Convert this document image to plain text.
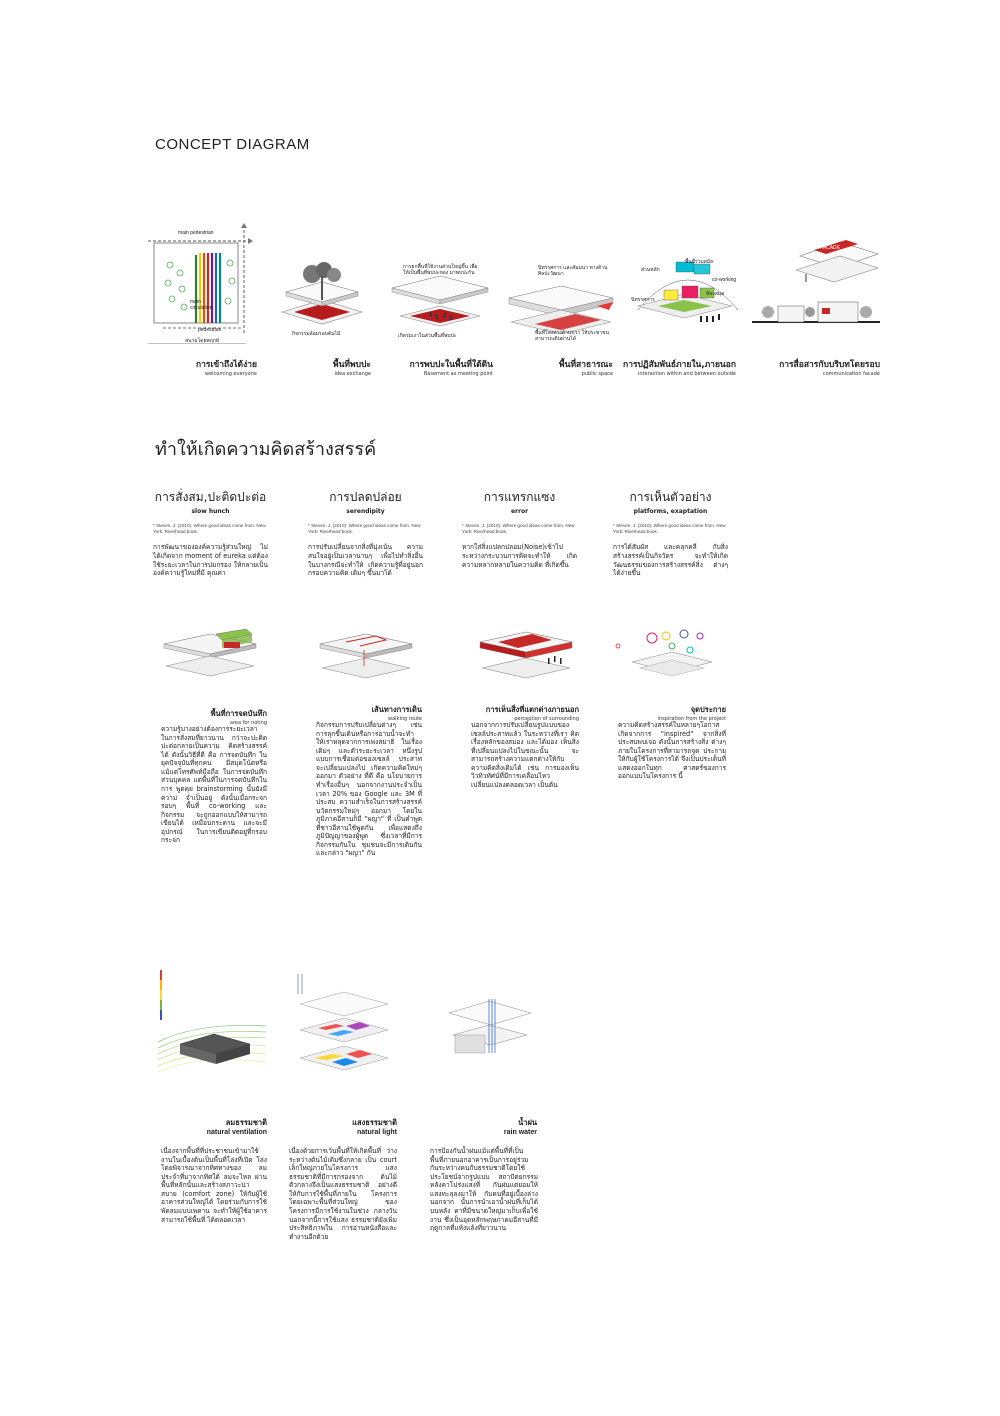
CONCEPT DIAGRAM
main pedestrian
main circulation
pedestrian
สนามโดยพฤกษ์
กิจกรรมล้อมรอบต้นไม้
การยกพื้นที่ใช้งานส่วนใหญ่ขึ้น เพื่อให้เป็นพื้นที่พบปะของ มาพบปะกัน
เกิดร่มเงาในส่วนพื้นที่พบปะ
นิทรรศการ และสัมมนา ทางด้านศิลปะวัฒนา
พื้นที่โล่งทางด้านขวา ให้ประชาชนสามารถเดินผ่านได้
ส่วนหลัก
พื้นที่ร่วมสมัย
co-working
นิทรรศการ
ห้องสมุด
FACADE
การเข้าถึงได้ง่าย
welcoming everyone
พื้นที่พบปะ
idea exchange
การพบปะในพื้นที่ใต้ดิน
Basement as meeting point
พื้นที่สาธารณะ
public space
การปฏิสัมพันธ์ภายใน,ภายนอก
interaction within and between outside
การสื่อสารกับบริบทโดยรอบ
communication facade
ทำให้เกิดความคิดสร้างสรรค์
การสั่งสม,ปะติดปะต่อ
slow hunch
* Steven, J. (2010). Where good ideas come from. New York: Riverhead book.
การพัฒนาขององค์ความรู้ส่วนใหญ่ ไม่ได้เกิดจาก moment of eureka แต่ต้องใช้ระยะเวลาในการบ่มกรอง ให้กลายเป็นองค์ความรู้ใหม่ที่มี คุณค่า
การปลดปล่อย
serendipity
* Steven, J. (2010). Where good ideas come from. New York: Riverhead book.
การปรับเปลี่ยนจากสิ่งที่มุ่งเน้น ความสนใจอยู่เป็นเวลานานๆ เพื่อไปทำสิ่งอื่น ในบางกรณีจะทำให้ เกิดความรู้ที่อยู่นอกกรอบความคิด เดิมๆ ขึ้นมาได้
การแทรกแซง
error
* Steven, J. (2010). Where good ideas come from. New York: Riverhead book.
หากใส่สิ่งแปลกปลอม(Noise)เข้าไป ระหว่างกระบวนการคิดจะทำให้ เกิดความหลากหลายในความคิด ที่เกิดขึ้น
การเห็นตัวอย่าง
platforms, exaptation
* Steven, J. (2010). Where good ideas come from. New York: Riverhead book.
การได้สัมผัส และคลุกคลี กับสิ่ง สร้างสรรค์เป็นกิจวัตร จะทำให้เกิด วัฒนธรรมของการสร้างสรรค์สิ่ง ต่างๆ ได้ง่ายขึ้น
พื้นที่การจดบันทึก
area for noting
ความรู้บางอย่างต้องการระยะเวลา ในการสั่งสมที่ยาวนาน กว่าจะปะติดปะต่อกลายเป็นความ คิดสร้างสรรค์ได้ ดังนั้นวิธีที่ดี คือ การจดบันทึก ในยุคปัจจุบันที่ทุกคน มีสมุดโน้ตหรือแม้แต่โทรศัพท์มือถือ ในการจดบันทึกส่วนบุคคล แต่พื้นที่ในการจดบันทึกในการ พูดคุย brainstorming นั้นยังมีความ จำเป็นอยู่ ดังนั้นเมื่อกระจกรอบๆ พื้นที่ co-working และกิจกรรม จะถูกออกแบบให้สามารถเขียนได้ เหมือนกระดาน และจะมีอุปกรณ์ ในการเขียนติดอยู่ที่กรอบกระจก
เส้นทางการเดิน
walking route
กิจกรรมการปรับเปลี่ยนต่างๆ เช่น การลุกขึ้นเดินหรือการอาบน้ำจะทำ ให้เราหลุดจากการเพ่งสมาธิ ในเรื่องเดิมๆ และตัวระยะระเวลา หนึ่งรูปแบบการเชื่อมต่อของเซลล์ ประสาทจะเปลี่ยนแปลงไป เกิดความคิดใหม่ๆ ออกมา ตัวอย่าง ที่ดี คือ นโยบายการทำเรื่องอื่นๆ นอกจากงานประจำเป็นเวลา 20% ของ Google และ 3M ที่ประสบ ความสำเร็จในการสร้างสรรค์ นวัตกรรมใหม่ๆ ออกมา โดยใน ภูมิภาคอีสานก็มี "ผญา" ที่ เป็นคำพูดที่ชาวอีสานใช้พูดกัน เพื่อแสดงถึงภูมิปัญญาของผู้พูด ซึ่งเวลาที่มีการกิจกรรมกันใน ชุมชนจะมีการเดินกัน และกล่าว "ผญา" กัน
การเห็นสิ่งที่แตกต่างภายนอก
perception of surrounding
นอกจากการปรับเปลี่ยนรูปแบบของ เซลล์ประสาทแล้ว ในระหว่างที่เรา คิดเรื่องหลักของสมอง และได้มอง เห็นสิ่งที่เปลี่ยนแปลงไปในขณะนั้น จะสามารถสร้างความแตกต่างให้กับ ความคิดสิ่งเดิมได้ เช่น การมองเห็น วิวทิวทัศน์ที่มีการเคลื่อนไหว เปลี่ยนแปลงตลอดเวลา เป็นต้น
จุดประกาย
inspiration from the project
ความคิดสร้างสรรค์ในหลายๆโอกาส เกิดจากการ "inspired" จากสิ่งที่ ประสบพบเจอ ดังนั้นการสร้างสิ่ง ต่างๆ ภายในโครงการที่สามารถจุด ประกายให้กับผู้ใช้โครงการได้ จึงเป็นประเด็นที่แสดงออกในทุก ศาสตร์ของการออกแบบในโครงการ นี้
ลมธรรมชาติ
natural ventilation
เนื่องจากพื้นที่ที่ประชาชนเข้ามาใช้ งานในเบื้องต้นเป็นพื้นที่โล่งที่เปิด โล่ง โดยพิจารณาจากทิศทางของ ลมประจำที่มาจากทิศใต้ ลมจะไหล ผ่านพื้นที่หลักนั้นและสร้างสภาวะน่า สบาย (comfort zone) ให้กับผู้ใช้อาคารส่วนใหญ่ได้ โดยร่วมกับการใช้พัดลมแบบเพดาน จะทำให้ผู้ใช้อาคารสามารถใช้พื้นที่ ได้ตลอดเวลา
แสงธรรมชาติ
natural light
เนื่องด้วยการเว้นพื้นที่ให้เกิดพื้นที่ ว่างระหว่างต้นไม้เดิมซึ่งกลาย เป็น court เล็กใหญ่ภายในโครงการ แสงธรรมชาติที่มีการกรองจาก ต้นไม้ตัวกลางจึงเป็นแสงธรรมชาติ อย่างดีให้กับการใช้พื้นที่ภายใน โครงการ โดยเฉพาะพื้นที่ส่วนใหญ่ ของโครงการมีการใช้งานในช่วง กลางวัน นอกจากนี้การใช้แสง ธรรมชาติยังเพิ่มประสิทธิภาพใน การอ่านหนังสือและทำงานอีกด้วย
น้ำฝน
rain water
การป้องกันน้ำฝนแม้แต่พื้นที่ที่เป็น พื้นที่ภายนอกอาคารเป็นการอยู่ร่วม กันระหว่างคนกับธรรมชาติโดยใช้ ประโยชน์จากรูปแบบ สถาปัตยกรรมหลังคาโปร่งแสงที่ กันฝนแต่ยอมให้แสงทะลุลงมาให้ กับคนที่อยู่เบื้องล่าง นอกจาก นั้นการนำเอาน้ำฝนที่เก็บได้บนหลัง คาที่มีขนาดใหญ่มาเก็บเพื่อใช้งาน ซึ่งเป็นอุดหลักพฤษภาคมอีสานที่มี ฤดูกาลที่แห้งแล้งที่ยาวนาน
